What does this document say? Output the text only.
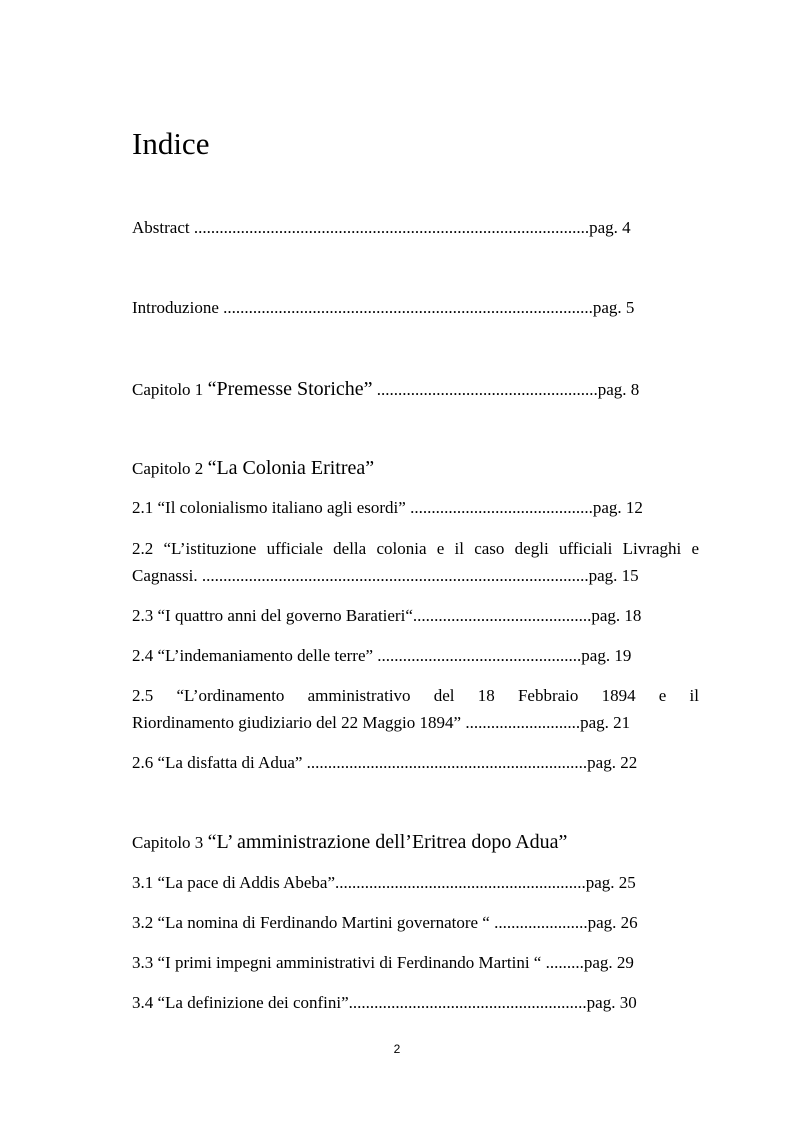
Indice
Abstract .............................................................................................pag. 4
Introduzione .......................................................................................pag. 5
Capitolo 1 “Premesse Storiche” ....................................................pag. 8
Capitolo 2 “La Colonia Eritrea”
2.1 “Il colonialismo italiano agli esordi” ...........................................pag. 12
2.2 “L’istituzione ufficiale della colonia e il caso degli ufficiali Livraghi e
Cagnassi. ...........................................................................................pag. 15
2.3 “I quattro anni del governo Baratieri“..........................................pag. 18
2.4 “L’indemaniamento delle terre” ................................................pag. 19
2.5 “L’ordinamento amministrativo del 18 Febbraio 1894 e il
Riordinamento giudiziario del 22 Maggio 1894” ...........................pag. 21
2.6 “La disfatta di Adua” ..................................................................pag. 22
Capitolo 3 “L’ amministrazione dell’Eritrea dopo Adua”
3.1 “La pace di Addis Abeba”...........................................................pag. 25
3.2 “La nomina di Ferdinando Martini governatore “ ......................pag. 26
3.3 “I primi impegni amministrativi di Ferdinando Martini “ .........pag. 29
3.4 “La definizione dei confini”........................................................pag. 30
2
